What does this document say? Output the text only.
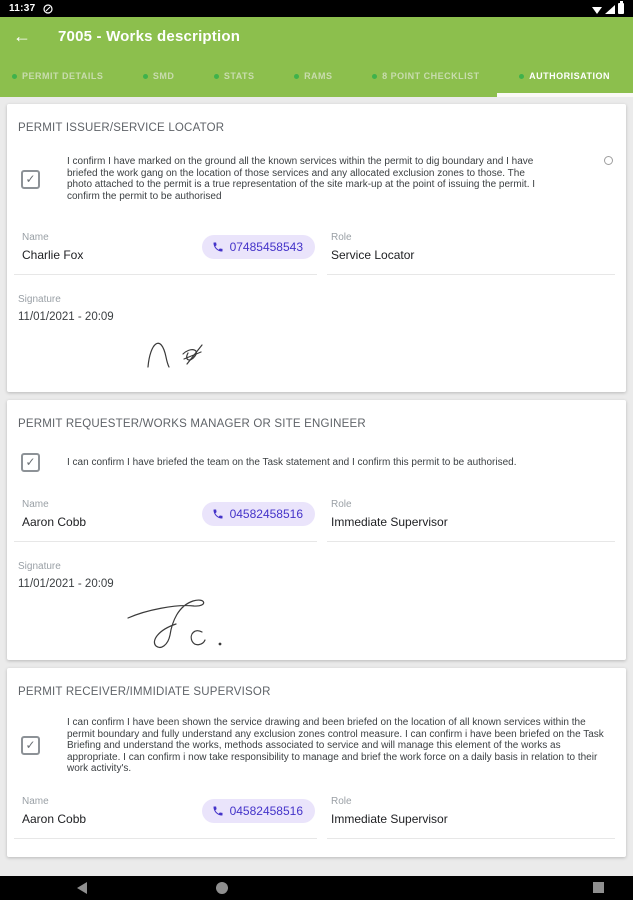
11:37
←	7005 - Works description
PERMIT DETAILS	SMD	STATS	RAMS	8 POINT CHECKLIST	AUTHORISATION
PERMIT ISSUER/SERVICE LOCATOR
✓
I confirm I have marked on the ground all the known services within the permit to dig boundary and I have briefed the work gang on the location of those services and any allocated exclusion zones to those. The photo attached to the permit is a true representation of the site mark-up at the point of issuing the permit. I confirm the permit to be authorised
Name
Charlie Fox
07485458543
Role
Service Locator
Signature
11/01/2021 - 20:09
PERMIT REQUESTER/WORKS MANAGER OR SITE ENGINEER
✓	I can confirm I have briefed the team on the Task statement and I confirm this permit to be authorised.
Name
Aaron Cobb
04582458516
Role
Immediate Supervisor
Signature
11/01/2021 - 20:09
PERMIT RECEIVER/IMMIDIATE SUPERVISOR
✓
I can confirm I have been shown the service drawing and been briefed on the location of all known services within the permit boundary and fully understand any exclusion zones control measure. I can confirm i have been briefed on the Task Briefing and understand the works, methods associated to service and will manage this element of the works as appropriate. I can confirm i now take responsibility to manage and brief the work force on a daily basis in relation to their work activity's.
Name
Aaron Cobb
04582458516
Role
Immediate Supervisor
